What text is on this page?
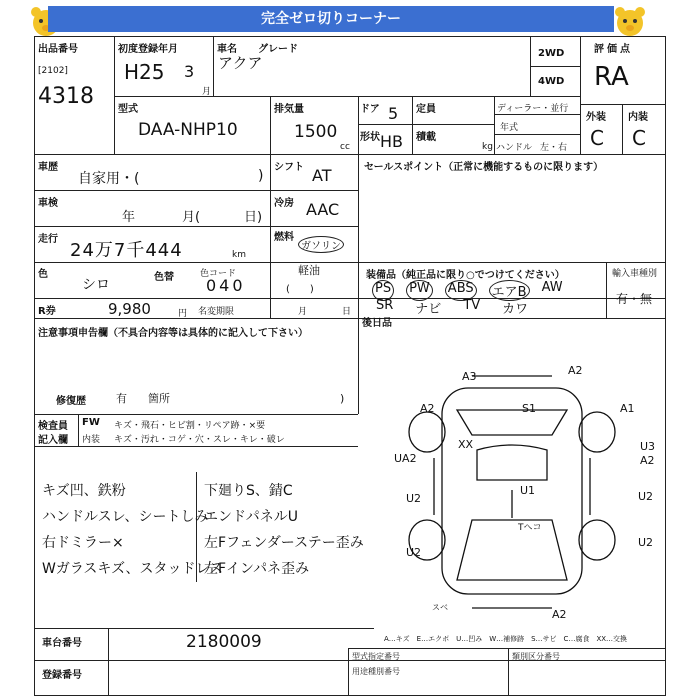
完全ゼロ切りコーナー
出品番号
[2102]
4318
初度登録年月
H25 3
月
車名 グレード
アクア
2WD
4WD
評価点
RA
型式
DAA-NHP10
排気量
1500
cc
ドア 5
形状 HB
定員
積載
kg
ディーラー・並行
年式
ハンドル 左・右
外装 内装
C C
車歴
自家用・(	)
シフト AT	セールスポイント（正常に機能するものに限ります）
車検
年	月(	日)
冷房 AAC
走行
24万7千444	km
燃料
ガソリン
軽油
(　　)
色
シロ	色替	色コード
040
装備品（純正品に限り○でつけてください）
PS PW ABS エアB AW
SR ナビ TV カワ
輸入車種別
有・無
R券	9,980	円 名変期限	月	日
後日品
注意事項申告欄（不具合内容等は具体的に記入して下さい）
修復歴	有 箇所	)
検査員
記入欄
FW キズ・飛石・ヒビ割・リペア跡・×要
内装 キズ・汚れ・コゲ・穴・スレ・キレ・破レ
キズ凹、鉄粉
ハンドルスレ、シートしみ
右ドミラー×
Wガラスキズ、スタッドレス
下廻りS、錆C
エンドパネルU
左Fフェンダーステー歪み
左Fインパネ歪み
A3	A2
A2	A1
S1
XX
UA2
U3
A2
U1
U2	U2
U2
U2
Tへコ
スベ
A2
A…キズ　E…エクボ　U…凹み　W…補修跡　S…サビ　C…腐食　XX…交換
車台番号	2180009
登録番号
型式指定番号	類別区分番号
用途種別番号
